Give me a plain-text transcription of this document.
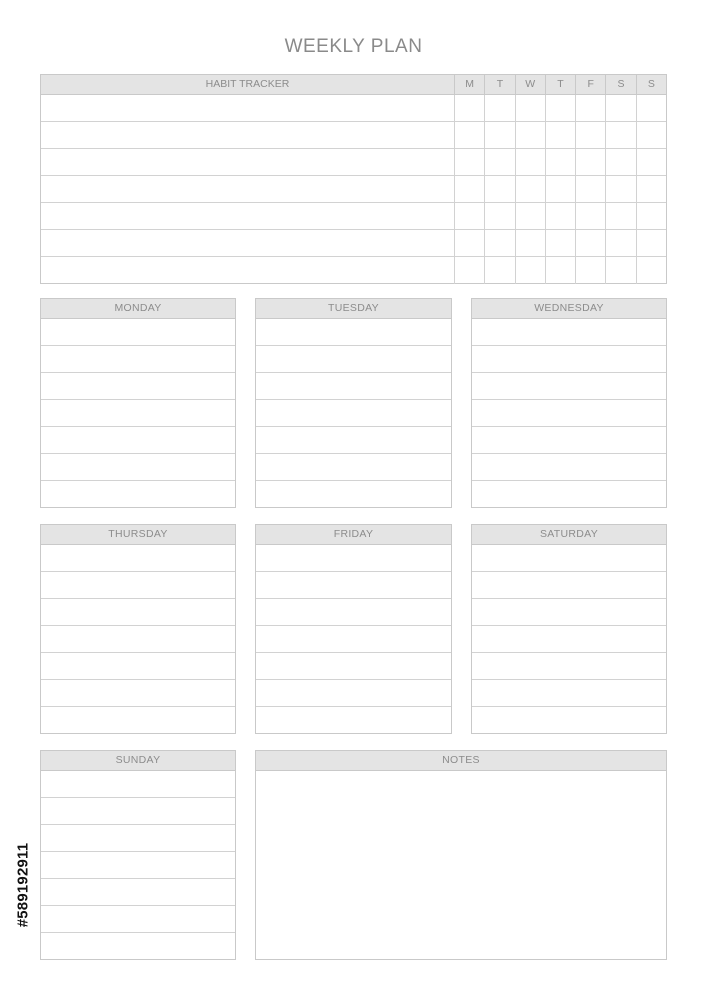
WEEKLY PLAN
HABIT TRACKER	M	T	W	T	F	S	S
MONDAY	TUESDAY	WEDNESDAY
THURSDAY	FRIDAY	SATURDAY
SUNDAY	NOTES
#589192911
